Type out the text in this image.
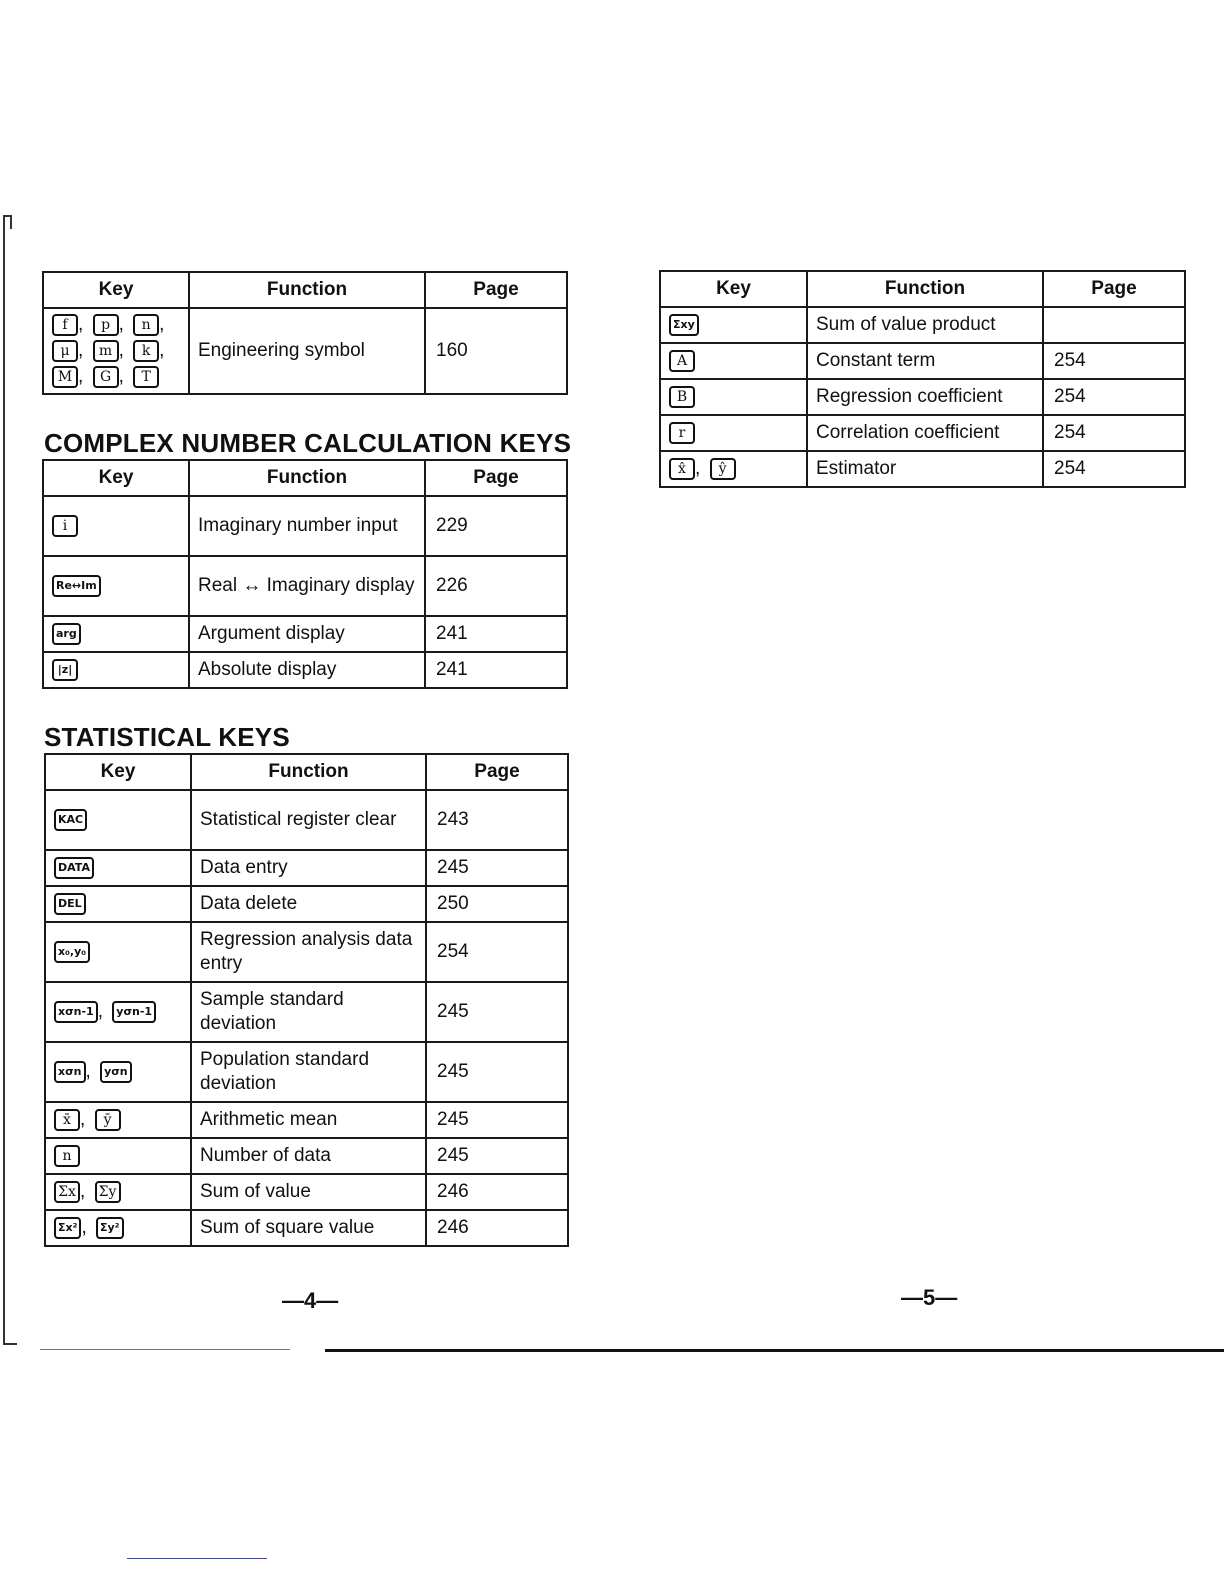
Key	Function	Page
f , p , n ,
μ , m , k ,
M , G , T	Engineering symbol	160
COMPLEX NUMBER CALCULATION KEYS
Key	Function	Page
i	Imaginary number input	229
Re↔Im	Real ↔ Imaginary display	226
arg	Argument display	241
|z|	Absolute display	241
STATISTICAL KEYS
Key	Function	Page
KAC	Statistical register clear	243
DATA	Data entry	245
DEL	Data delete	250
x₀,y₀	Regression analysis data entry	254
xσn-1 , yσn-1	Sample standard deviation	245
xσn , yσn	Population standard deviation	245
x̄ , ȳ	Arithmetic mean	245
n	Number of data	245
Σx , Σy	Sum of value	246
Σx² , Σy²	Sum of square value	246
Key	Function	Page
Σxy	Sum of value product	
A	Constant term	254
B	Regression coefficient	254
r	Correlation coefficient	254
x̂ , ŷ	Estimator	254
—4—	—5—
